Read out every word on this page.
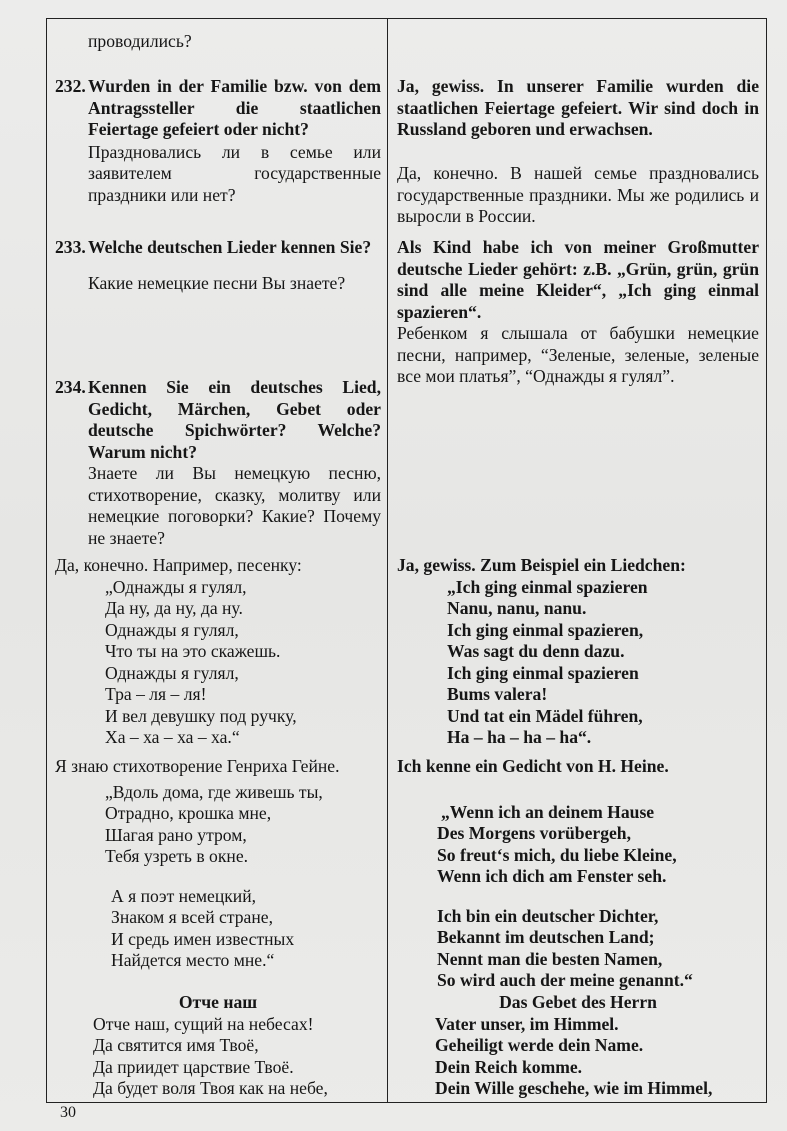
проводились?
232. Wurden in der Familie bzw. von dem Antragssteller die staatlichen Feiertage gefeiert oder nicht?
Праздновались ли в семье или заявителем государственные праздники или нет?
Ja, gewiss. In unserer Familie wurden die staatlichen Feiertage gefeiert. Wir sind doch in Russland geboren und erwachsen.
Да, конечно. В нашей семье праздновались государственные праздники. Мы же родились и выросли в России.
233. Welche deutschen Lieder kennen Sie?
Какие немецкие песни Вы знаете?
Als Kind habe ich von meiner Großmutter deutsche Lieder gehört: z.B. „Grün, grün, grün sind alle meine Kleider“, „Ich ging einmal spazieren“.
Ребенком я слышала от бабушки немецкие песни, например, “Зеленые, зеленые, зеленые все мои платья”, “Однажды я гулял”.
234. Kennen Sie ein deutsches Lied, Gedicht, Märchen, Gebet oder deutsche Spichwörter? Welche? Warum nicht?
Знаете ли Вы немецкую песню, стихотворение, сказку, молитву или немецкие поговорки? Какие? Почему не знаете?
Да, конечно. Например, песенку:
„Однажды я гулял,
Да ну, да ну, да ну.
Однажды я гулял,
Что ты на это скажешь.
Однажды я гулял,
Тра – ля – ля!
И вел девушку под ручку,
Ха – ха – ха – ха.“
Ja, gewiss. Zum Beispiel ein Liedchen:
„Ich ging einmal spazieren
Nanu, nanu, nanu.
Ich ging einmal spazieren,
Was sagt du denn dazu.
Ich ging einmal spazieren
Bums valera!
Und tat ein Mädel führen,
Ha – ha – ha – ha“.
Я знаю стихотворение Генриха Гейне.
„Вдоль дома, где живешь ты,
Отрадно, крошка мне,
Шагая рано утром,
Тебя узреть в окне.
А я поэт немецкий,
Знаком я всей стране,
И средь имен известных
Найдется место мне.“
Ich kenne ein Gedicht von H. Heine.
„Wenn ich an deinem Hause
Des Morgens vorübergeh,
So freut‘s mich, du liebe Kleine,
Wenn ich dich am Fenster seh.
Ich bin ein deutscher Dichter,
Bekannt im deutschen Land;
Nennt man die besten Namen,
So wird auch der meine genannt.“
Отче наш
Отче наш, сущий на небесах!
Да святится имя Твоё,
Да приидет царствие Твоё.
Да будет воля Твоя как на небе,
Das Gebet des Herrn
Vater unser, im Himmel.
Geheiligt werde dein Name.
Dein Reich komme.
Dein Wille geschehe, wie im Himmel,
30
